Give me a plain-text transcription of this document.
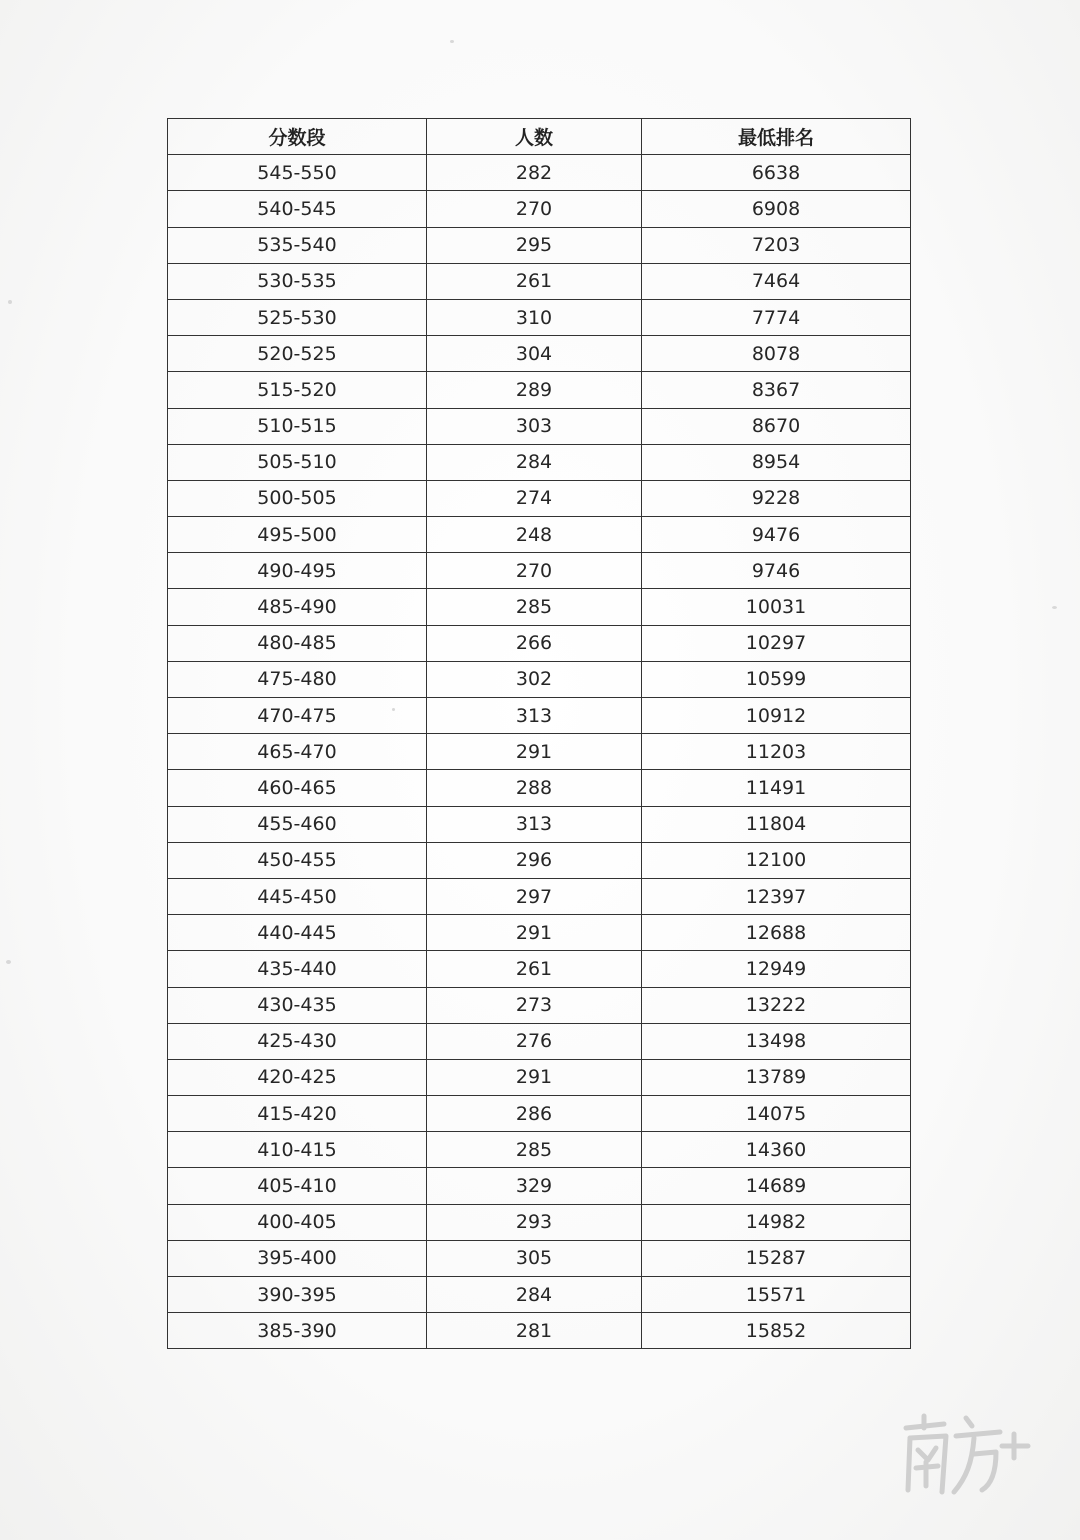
分数段	人数	最低排名
545-550	282	6638
540-545	270	6908
535-540	295	7203
530-535	261	7464
525-530	310	7774
520-525	304	8078
515-520	289	8367
510-515	303	8670
505-510	284	8954
500-505	274	9228
495-500	248	9476
490-495	270	9746
485-490	285	10031
480-485	266	10297
475-480	302	10599
470-475	313	10912
465-470	291	11203
460-465	288	11491
455-460	313	11804
450-455	296	12100
445-450	297	12397
440-445	291	12688
435-440	261	12949
430-435	273	13222
425-430	276	13498
420-425	291	13789
415-420	286	14075
410-415	285	14360
405-410	329	14689
400-405	293	14982
395-400	305	15287
390-395	284	15571
385-390	281	15852
